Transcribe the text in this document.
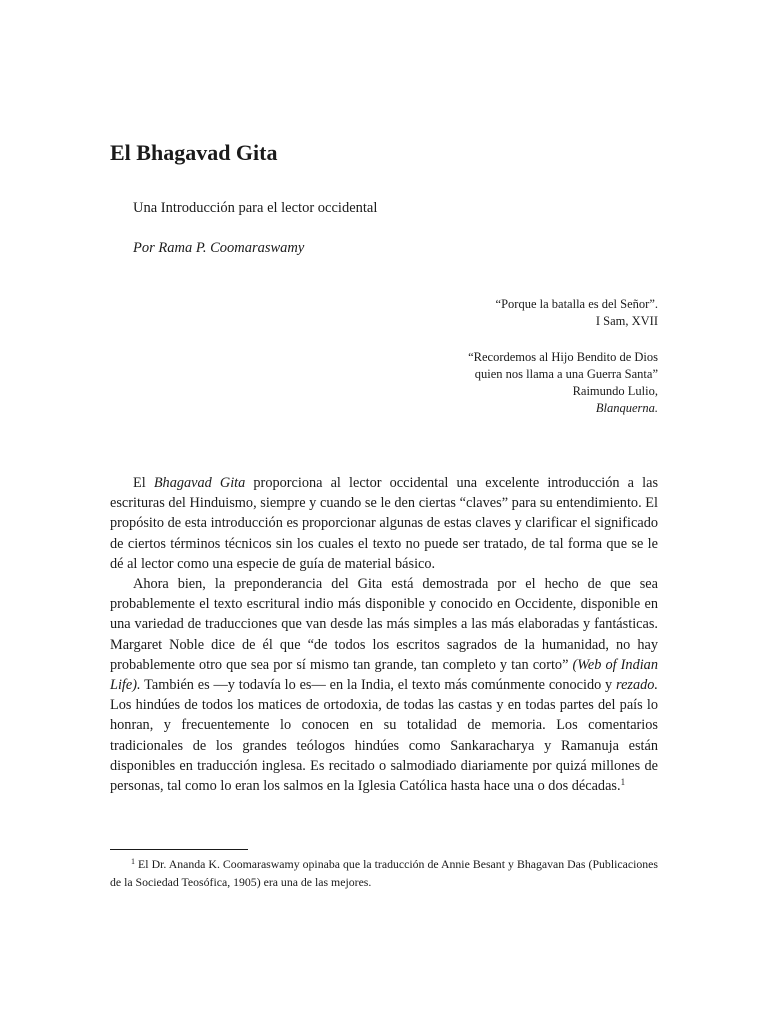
El Bhagavad Gita

Una Introducción para el lector occidental

Por Rama P. Coomaraswamy

“Porque la batalla es del Señor”.

I Sam, XVII

“Recordemos al Hijo Bendito de Dios

quien nos llama a una Guerra Santa”

Raimundo Lulio,

Blanquerna.

El Bhagavad Gita proporciona al lector occidental una excelente introducción a las escrituras del Hinduismo, siempre y cuando se le den ciertas “claves” para su entendimiento. El propósito de esta introducción es proporcionar algunas de estas claves y clarificar el significado de ciertos términos técnicos sin los cuales el texto no puede ser tratado, de tal forma que se le dé al lector como una especie de guía de material básico.

Ahora bien, la preponderancia del Gita está demostrada por el hecho de que sea probablemente el texto escritural indio más disponible y conocido en Occidente, disponible en una variedad de traducciones que van desde las más simples a las más elaboradas y fantásticas. Margaret Noble dice de él que “de todos los escritos sagrados de la humanidad, no hay probablemente otro que sea por sí mismo tan grande, tan completo y tan corto” (Web of Indian Life). También es —y todavía lo es— en la India, el texto más comúnmente conocido y rezado. Los hindúes de todos los matices de ortodoxia, de todas las castas y en todas partes del país lo honran, y frecuentemente lo conocen en su totalidad de memoria. Los comentarios tradicionales de los grandes teólogos hindúes como Sankaracharya y Ramanuja están disponibles en traducción inglesa. Es recitado o salmodiado diariamente por quizá millones de personas, tal como lo eran los salmos en la Iglesia Católica hasta hace una o dos décadas.$^1$

$^1$ El Dr. Ananda K. Coomaraswamy opinaba que la traducción de Annie Besant y Bhagavan Das (Publicaciones de la Sociedad Teosófica, 1905) era una de las mejores.
